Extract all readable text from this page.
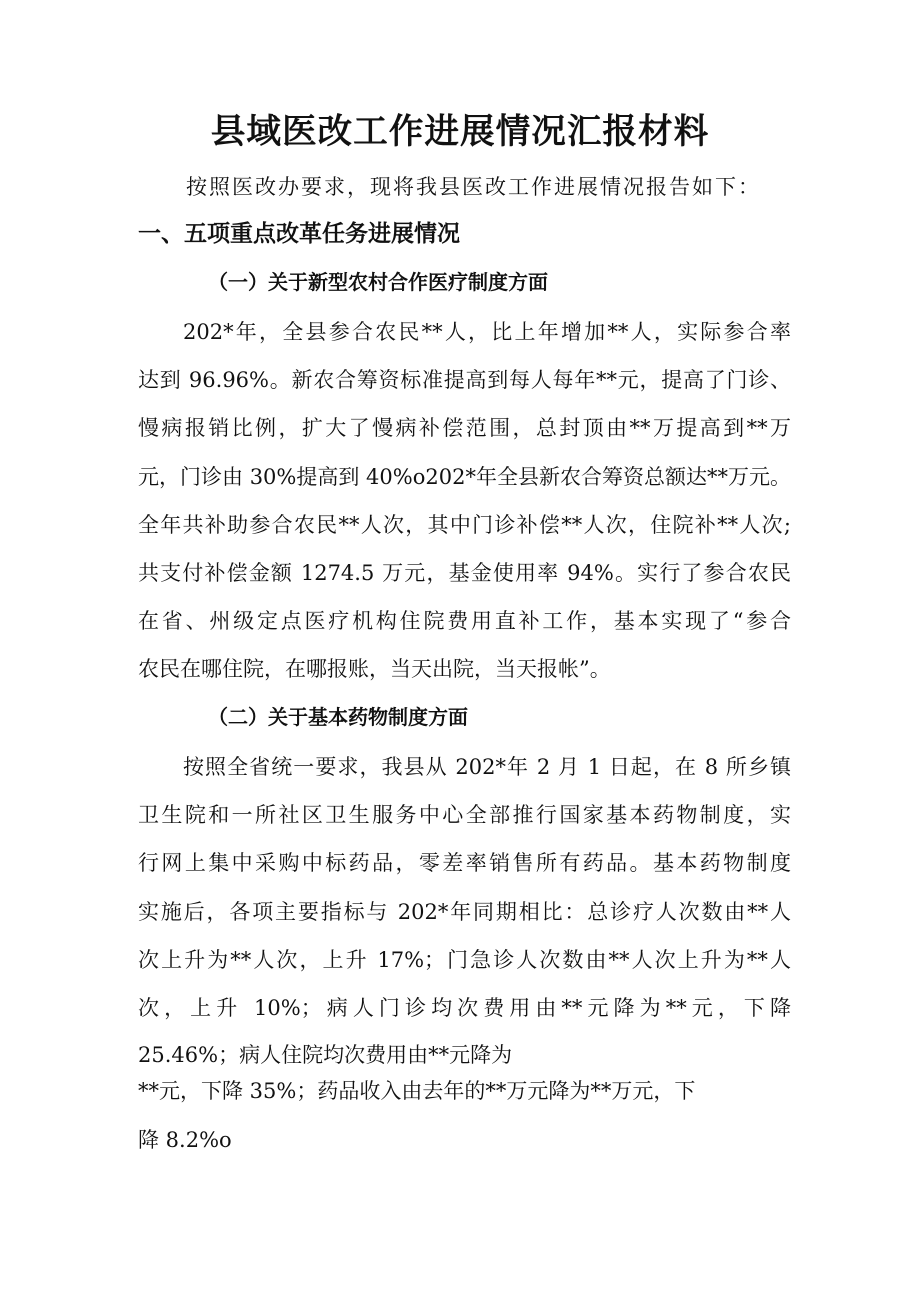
县域医改工作进展情况汇报材料
按照医改办要求，现将我县医改工作进展情况报告如下：
一、五项重点改革任务进展情况
（一）关于新型农村合作医疗制度方面
202*年，全县参合农民**人，比上年增加**人，实际参合率
达到 96.96%。新农合筹资标准提高到每人每年**元，提高了门诊、
慢病报销比例，扩大了慢病补偿范围，总封顶由**万提高到**万
元，门诊由 30%提高到 40%o202*年全县新农合筹资总额达**万元。
全年共补助参合农民**人次，其中门诊补偿**人次，住院补**人次;
共支付补偿金额 1274.5 万元，基金使用率 94%。实行了参合农民
在省、州级定点医疗机构住院费用直补工作，基本实现了“参合
农民在哪住院，在哪报账，当天出院，当天报帐”。
（二）关于基本药物制度方面
按照全省统一要求，我县从 202*年 2 月 1 日起，在 8 所乡镇
卫生院和一所社区卫生服务中心全部推行国家基本药物制度，实
行网上集中采购中标药品，零差率销售所有药品。基本药物制度
实施后，各项主要指标与 202*年同期相比：总诊疗人次数由**人
次上升为**人次，上升 17%；门急诊人次数由**人次上升为**人
次，上升 10%；病人门诊均次费用由**元降为**元，下降
25.46%；病人住院均次费用由**元降为
**元，下降 35%；药品收入由去年的**万元降为**万元，下
降 8.2%o
